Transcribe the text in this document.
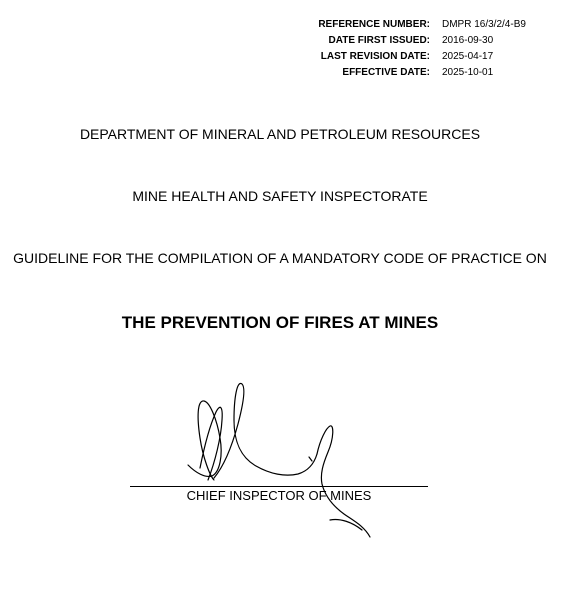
REFERENCE NUMBER:	DMPR 16/3/2/4-B9
DATE FIRST ISSUED:	2016-09-30
LAST REVISION DATE:	2025-04-17
EFFECTIVE DATE:	2025-10-01
DEPARTMENT OF MINERAL AND PETROLEUM RESOURCES
MINE HEALTH AND SAFETY INSPECTORATE
GUIDELINE FOR THE COMPILATION OF A MANDATORY CODE OF PRACTICE ON
THE PREVENTION OF FIRES AT MINES
CHIEF INSPECTOR OF MINES
